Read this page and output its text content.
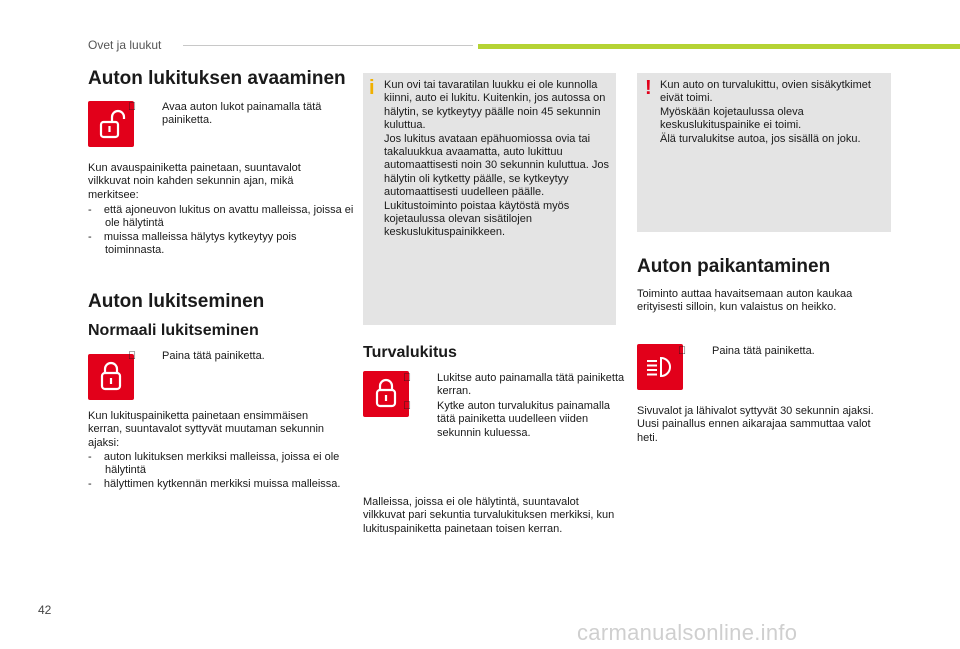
Ovet ja luukut
Auton lukituksen avaaminen
Avaa auton lukot painamalla tätä painiketta.
Kun avauspainiketta painetaan, suuntavalot vilkkuvat noin kahden sekunnin ajan, mikä merkitsee:
-    että ajoneuvon lukitus on avattu malleissa, joissa ei ole hälytintä
-    muissa malleissa hälytys kytkeytyy pois toiminnasta.
Auton lukitseminen
Normaali lukitseminen
Paina tätä painiketta.
Kun lukituspainiketta painetaan ensimmäisen kerran, suuntavalot syttyvät muutaman sekunnin ajaksi:
-    auton lukituksen merkiksi malleissa, joissa ei ole hälytintä
-    hälyttimen kytkennän merkiksi muissa malleissa.
i Kun ovi tai tavaratilan luukku ei ole kunnolla kiinni, auto ei lukitu. Kuitenkin, jos autossa on hälytin, se kytkeytyy päälle noin 45 sekunnin kuluttua.
Jos lukitus avataan epähuomiossa ovia tai takaluukkua avaamatta, auto lukittuu automaattisesti noin 30 sekunnin kuluttua. Jos hälytin oli kytketty päälle, se kytkeytyy automaattisesti uudelleen päälle.
Lukitustoiminto poistaa käytöstä myös kojetaulussa olevan sisätilojen keskuslukituspainikkeen.
Turvalukitus
Lukitse auto painamalla tätä painiketta kerran.
Kytke auton turvalukitus painamalla tätä painiketta uudelleen viiden sekunnin kuluessa.
Malleissa, joissa ei ole hälytintä, suuntavalot vilkkuvat pari sekuntia turvalukituksen merkiksi, kun lukituspainiketta painetaan toisen kerran.
! Kun auto on turvalukittu, ovien sisäkytkimet eivät toimi.
Myöskään kojetaulussa oleva keskuslukituspainike ei toimi.
Älä turvalukitse autoa, jos sisällä on joku.
Auton paikantaminen
Toiminto auttaa havaitsemaan auton kaukaa erityisesti silloin, kun valaistus on heikko.
Paina tätä painiketta.
Sivuvalot ja lähivalot syttyvät 30 sekunnin ajaksi.
Uusi painallus ennen aikarajaa sammuttaa valot heti.
42
carmanualsonline.info
